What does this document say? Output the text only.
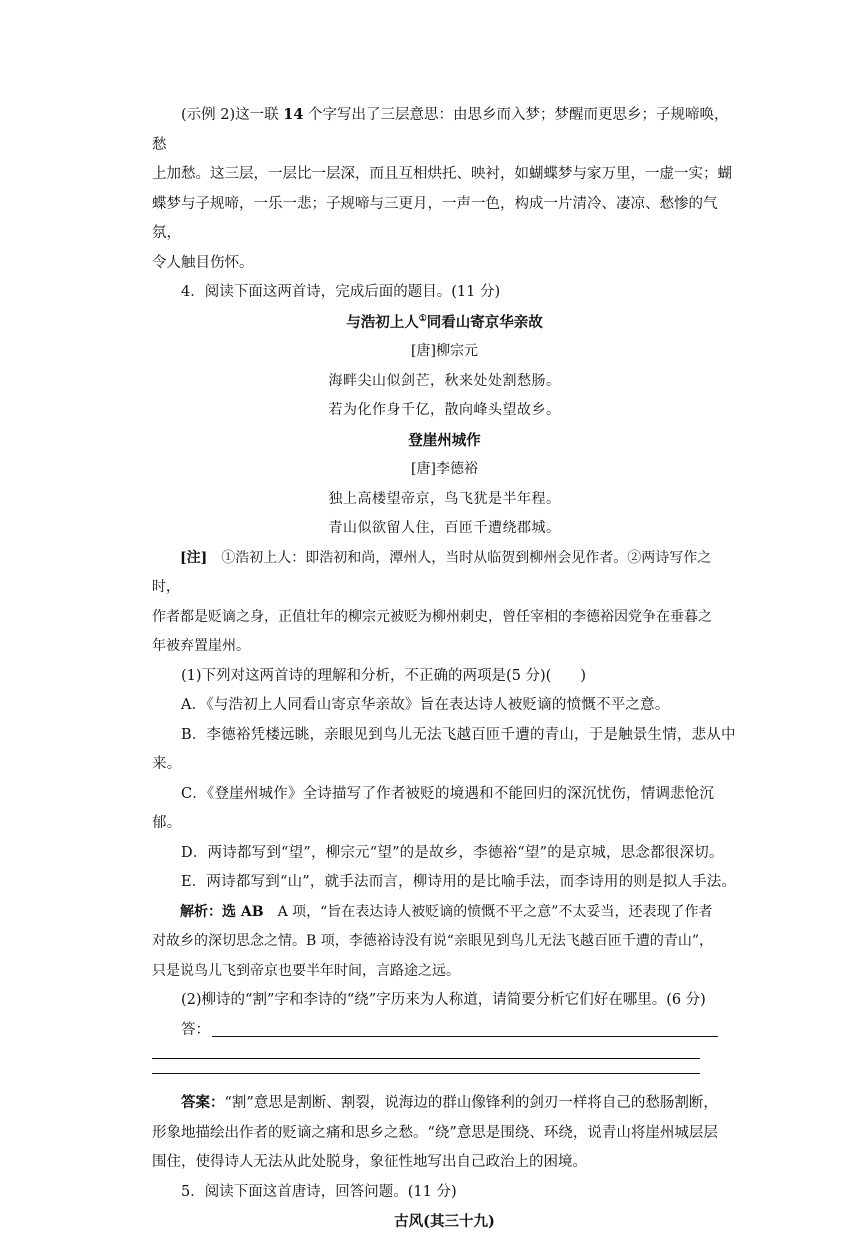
(示例 2)这一联 14 个字写出了三层意思：由思乡而入梦；梦醒而更思乡；子规啼唤，愁

上加愁。这三层，一层比一层深，而且互相烘托、映衬，如蝴蝶梦与家万里，一虚一实；蝴

蝶梦与子规啼，一乐一悲；子规啼与三更月，一声一色，构成一片清冷、凄凉、愁惨的气氛，

令人触目伤怀。

4．阅读下面这两首诗，完成后面的题目。(11 分)

与浩初上人①同看山寄京华亲故

[唐]柳宗元

海畔尖山似剑芒，秋来处处割愁肠。

若为化作身千亿，散向峰头望故乡。

登崖州城作

[唐]李德裕

独上高楼望帝京，鸟飞犹是半年程。

青山似欲留人住，百匝千遭绕郡城。

[注]　 ①浩初上人：即浩初和尚，潭州人，当时从临贺到柳州会见作者。②两诗写作之时，

作者都是贬谪之身，正值壮年的柳宗元被贬为柳州刺史，曾任宰相的李德裕因党争在垂暮之

年被弃置崖州。

(1)下列对这两首诗的理解和分析，不正确的两项是(5 分)(　　)

A．《与浩初上人同看山寄京华亲故》旨在表达诗人被贬谪的愤慨不平之意。

B．李德裕凭楼远眺，亲眼见到鸟儿无法飞越百匝千遭的青山，于是触景生情，悲从中来。

C．《登崖州城作》全诗描写了作者被贬的境遇和不能回归的深沉忧伤，情调悲怆沉郁。

D．两诗都写到“望”，柳宗元“望”的是故乡，李德裕“望”的是京城，思念都很深切。

E．两诗都写到“山”，就手法而言，柳诗用的是比喻手法，而李诗用的则是拟人手法。

解析：选 AB　A 项，“旨在表达诗人被贬谪的愤慨不平之意”不太妥当，还表现了作者

对故乡的深切思念之情。B 项，李德裕诗没有说“亲眼见到鸟儿无法飞越百匝千遭的青山”，

只是说鸟儿飞到帝京也要半年时间，言路途之远。

(2)柳诗的“割”字和李诗的“绕”字历来为人称道，请简要分析它们好在哪里。(6 分)

答：

答案：“割”意思是割断、割裂，说海边的群山像锋利的剑刃一样将自己的愁肠割断，

形象地描绘出作者的贬谪之痛和思乡之愁。“绕”意思是围绕、环绕，说青山将崖州城层层

围住，使得诗人无法从此处脱身，象征性地写出自己政治上的困境。

5．阅读下面这首唐诗，回答问题。(11 分)

古风(其三十九)
